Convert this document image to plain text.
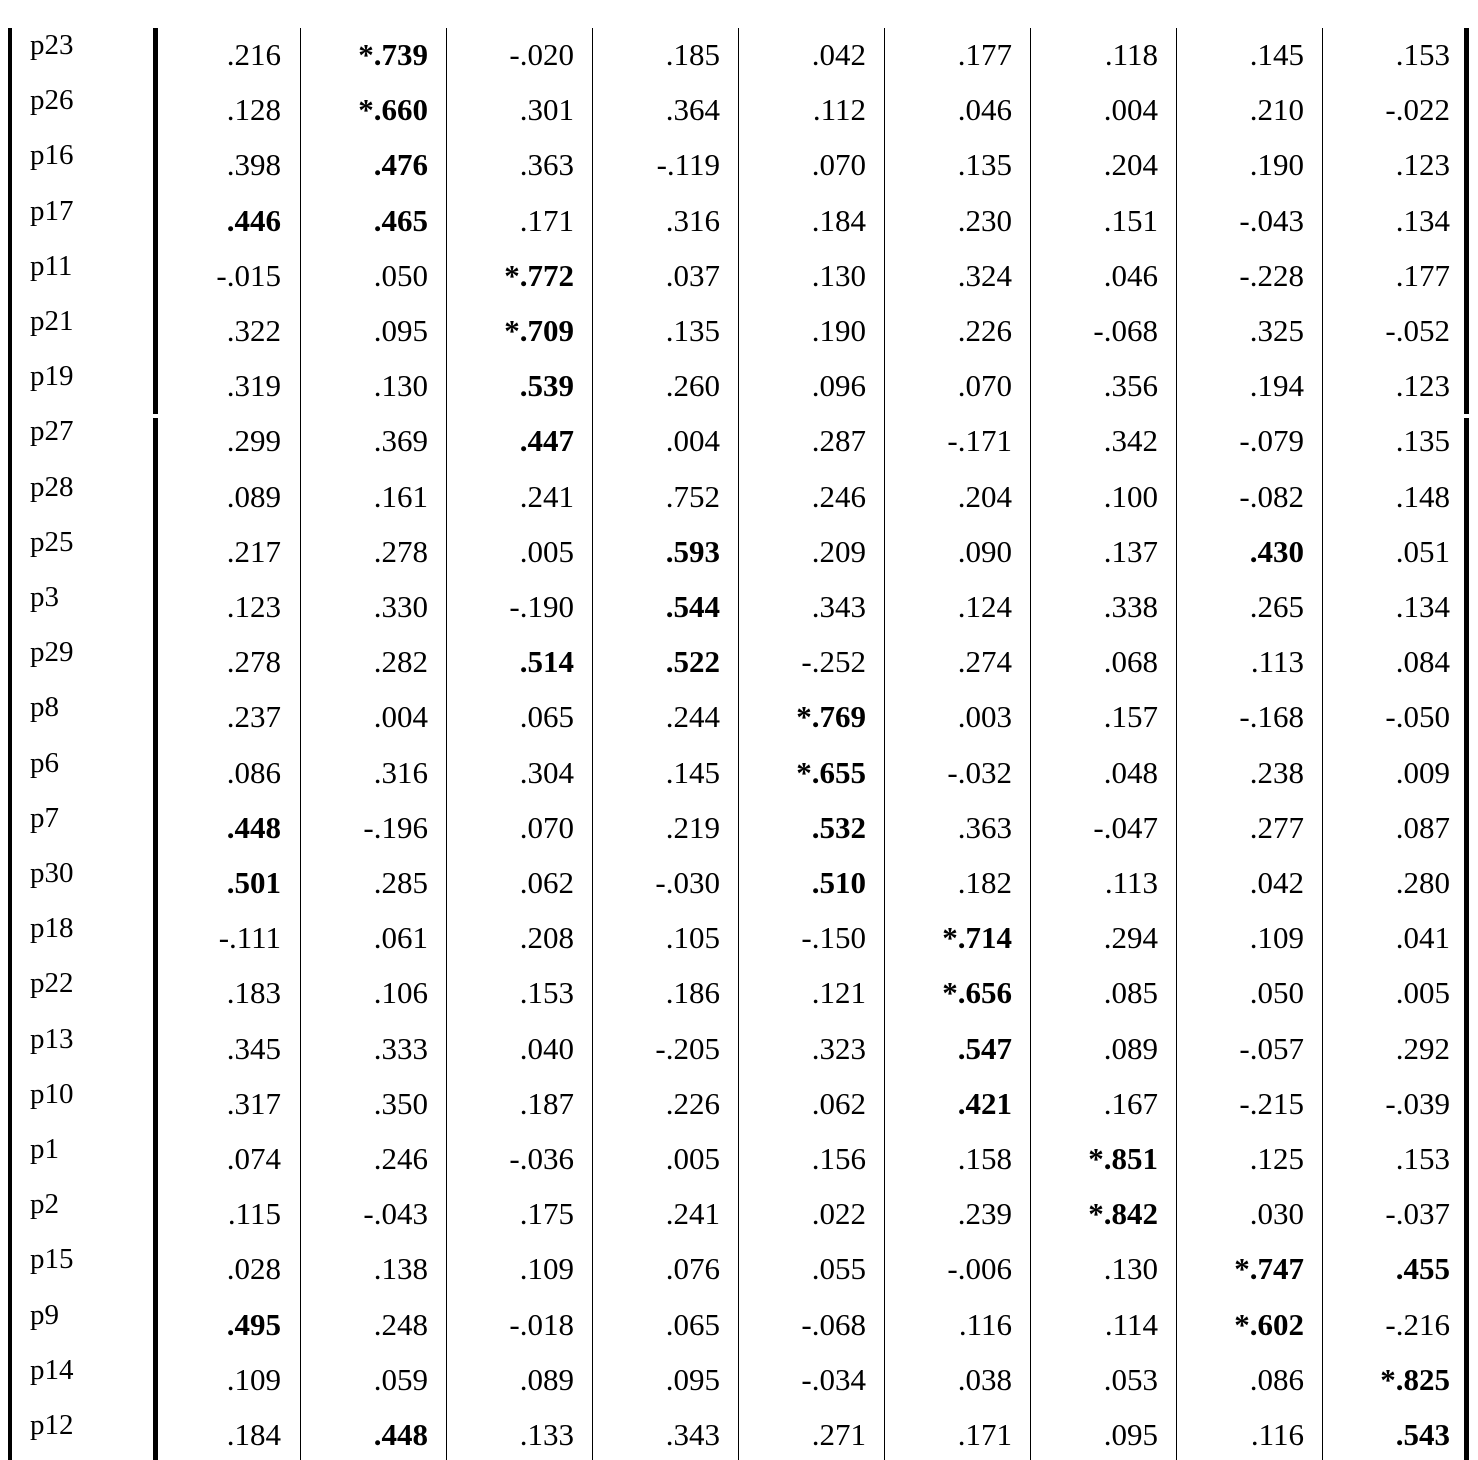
p23	.216	*.739	-.020	.185	.042	.177	.118	.145	.153
p26	.128	*.660	.301	.364	.112	.046	.004	.210	-.022
p16	.398	.476	.363	-.119	.070	.135	.204	.190	.123
p17	.446	.465	.171	.316	.184	.230	.151	-.043	.134
p11	-.015	.050	*.772	.037	.130	.324	.046	-.228	.177
p21	.322	.095	*.709	.135	.190	.226	-.068	.325	-.052
p19	.319	.130	.539	.260	.096	.070	.356	.194	.123
p27	.299	.369	.447	.004	.287	-.171	.342	-.079	.135
p28	.089	.161	.241	.752	.246	.204	.100	-.082	.148
p25	.217	.278	.005	.593	.209	.090	.137	.430	.051
p3	.123	.330	-.190	.544	.343	.124	.338	.265	.134
p29	.278	.282	.514	.522	-.252	.274	.068	.113	.084
p8	.237	.004	.065	.244	*.769	.003	.157	-.168	-.050
p6	.086	.316	.304	.145	*.655	-.032	.048	.238	.009
p7	.448	-.196	.070	.219	.532	.363	-.047	.277	.087
p30	.501	.285	.062	-.030	.510	.182	.113	.042	.280
p18	-.111	.061	.208	.105	-.150	*.714	.294	.109	.041
p22	.183	.106	.153	.186	.121	*.656	.085	.050	.005
p13	.345	.333	.040	-.205	.323	.547	.089	-.057	.292
p10	.317	.350	.187	.226	.062	.421	.167	-.215	-.039
p1	.074	.246	-.036	.005	.156	.158	*.851	.125	.153
p2	.115	-.043	.175	.241	.022	.239	*.842	.030	-.037
p15	.028	.138	.109	.076	.055	-.006	.130	*.747	.455
p9	.495	.248	-.018	.065	-.068	.116	.114	*.602	-.216
p14	.109	.059	.089	.095	-.034	.038	.053	.086	*.825
p12	.184	.448	.133	.343	.271	.171	.095	.116	.543
